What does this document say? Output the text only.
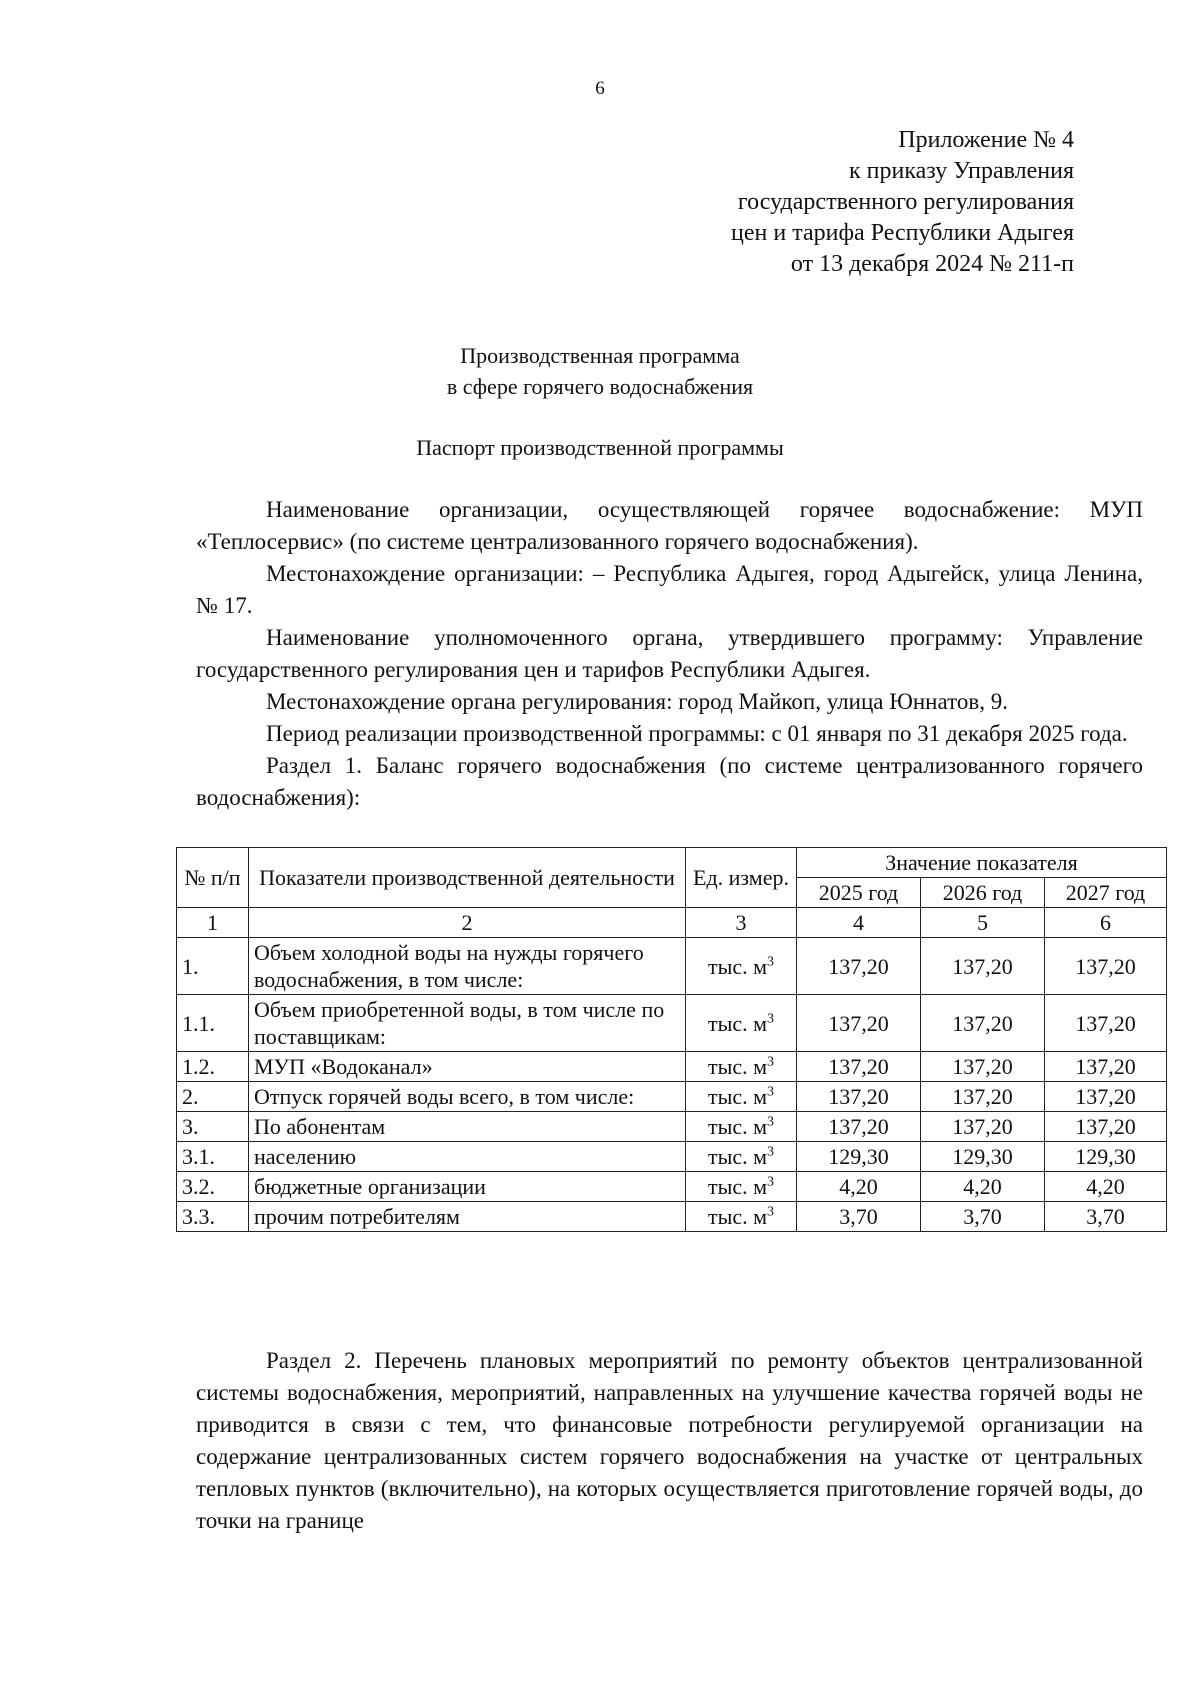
6
Приложение № 4
к приказу Управления
государственного регулирования
цен и тарифа Республики Адыгея
от 13 декабря 2024 № 211-п
Производственная программа
в сфере горячего водоснабжения
Паспорт производственной программы

Наименование организации, осуществляющей горячее водоснабжение: МУП «Теплосервис» (по системе централизованного горячего водоснабжения).

Местонахождение организации: – Республика Адыгея, город Адыгейск, улица Ленина, № 17.

Наименование уполномоченного органа, утвердившего программу: Управление государственного регулирования цен и тарифов Республики Адыгея.

Местонахождение органа регулирования: город Майкоп, улица Юннатов, 9.

Период реализации производственной программы: с 01 января по 31 декабря 2025 года.

Раздел 1. Баланс горячего водоснабжения (по системе централизованного горячего водоснабжения):

№ п/п	Показатели производственной деятельности	Ед. измер.	Значение показателя		
			2025 год	2026 год	2027 год
1	2	3	4	5	6
1.	Объем холодной воды на нужды горячего водоснабжения, в том числе:	тыс. $м^3$	137,20	137,20	137,20
1.1.	Объем приобретенной воды, в том числе по поставщикам:	тыс. $м^3$	137,20	137,20	137,20
1.2.	МУП «Водоканал»	тыс. $м^3$	137,20	137,20	137,20
2.	Отпуск горячей воды всего, в том числе:	тыс. $м^3$	137,20	137,20	137,20
3.	По абонентам	тыс. $м^3$	137,20	137,20	137,20
3.1.	населению	тыс. $м^3$	129,30	129,30	129,30
3.2.	бюджетные организации	тыс. $м^3$	4,20	4,20	4,20
3.3.	прочим потребителям	тыс. $м^3$	3,70	3,70	3,70

Раздел 2. Перечень плановых мероприятий по ремонту объектов централизованной системы водоснабжения, мероприятий, направленных на улучшение качества горячей воды не приводится в связи с тем, что финансовые потребности регулируемой организации на содержание централизованных систем горячего водоснабжения на участке от центральных тепловых пунктов (включительно), на которых осуществляется приготовление горячей воды, до точки на границе
